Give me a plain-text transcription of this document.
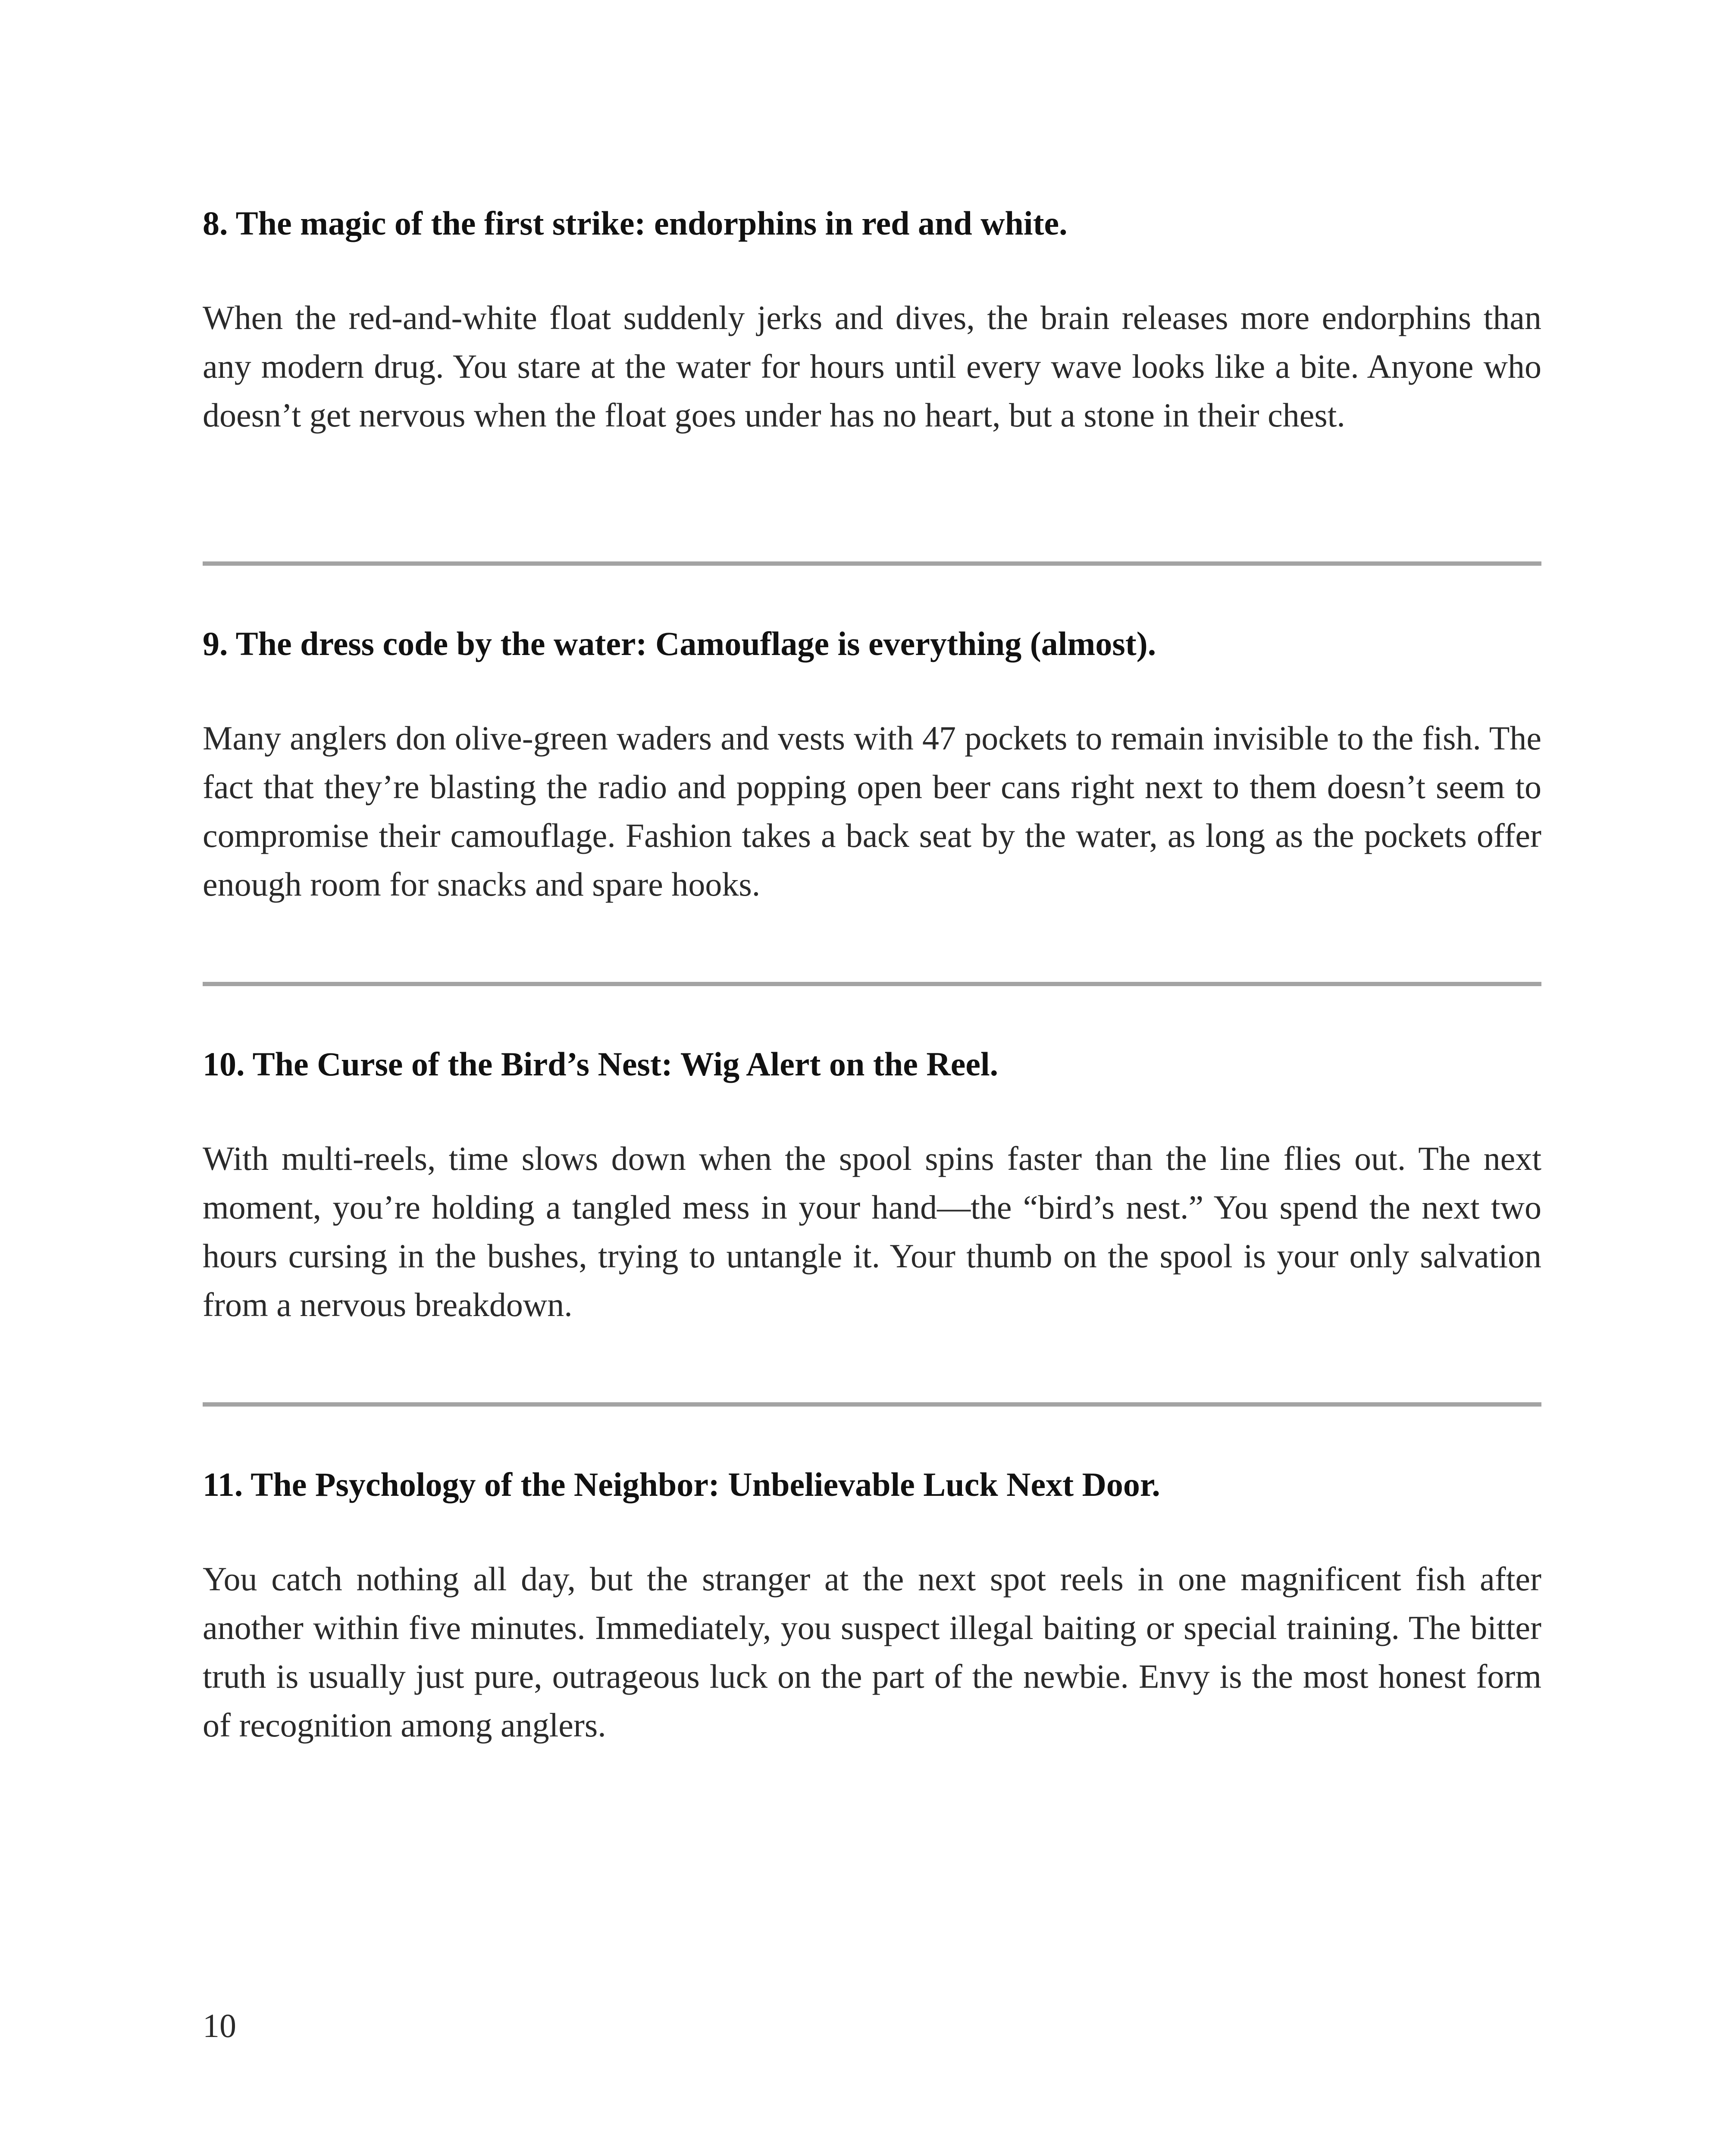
8. The magic of the first strike: endorphins in red and white.

When the red-and-white float suddenly jerks and dives, the brain releases more endorphins than any modern drug. You stare at the water for hours until every wave looks like a bite. Anyone who doesn’t get nervous when the float goes under has no heart, but a stone in their chest.

9. The dress code by the water: Camouflage is everything (almost).

Many anglers don olive-green waders and vests with 47 pockets to remain invisible to the fish. The fact that they’re blasting the radio and popping open beer cans right next to them doesn’t seem to compromise their camouflage. Fashion takes a back seat by the water, as long as the pockets offer enough room for snacks and spare hooks.

10. The Curse of the Bird’s Nest: Wig Alert on the Reel.

With multi-reels, time slows down when the spool spins faster than the line flies out. The next moment, you’re holding a tangled mess in your hand—the “bird’s nest.” You spend the next two hours cursing in the bushes, trying to untangle it. Your thumb on the spool is your only salvation from a nervous breakdown.

11. The Psychology of the Neighbor: Unbelievable Luck Next Door.

You catch nothing all day, but the stranger at the next spot reels in one magnificent fish after another within five minutes. Immediately, you suspect illegal baiting or special training. The bitter truth is usually just pure, outrageous luck on the part of the newbie. Envy is the most honest form of recognition among anglers.

10
